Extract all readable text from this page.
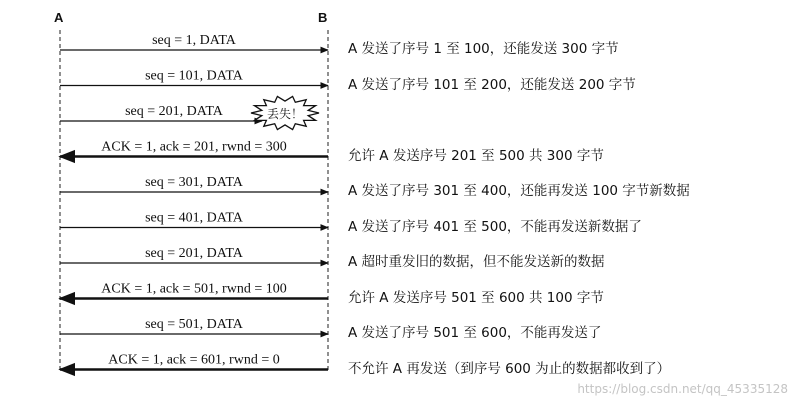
A	B
seq = 1, DATA
seq = 101, DATA
seq = 201, DATA	丢失！
ACK = 1, ack = 201, rwnd = 300
seq = 301, DATA
seq = 401, DATA
seq = 201, DATA
ACK = 1, ack = 501, rwnd = 100
seq = 501, DATA
ACK = 1, ack = 601, rwnd = 0
A 发送了序号 1 至 100，还能发送 300 字节
A 发送了序号 101 至 200，还能发送 200 字节
允许 A 发送序号 201 至 500 共 300 字节
A 发送了序号 301 至 400，还能再发送 100 字节新数据
A 发送了序号 401 至 500，不能再发送新数据了
A 超时重发旧的数据，但不能发送新的数据
允许 A 发送序号 501 至 600 共 100 字节
A 发送了序号 501 至 600，不能再发送了
不允许 A 再发送（到序号 600 为止的数据都收到了）
https://blog.csdn.net/qq_45335128
